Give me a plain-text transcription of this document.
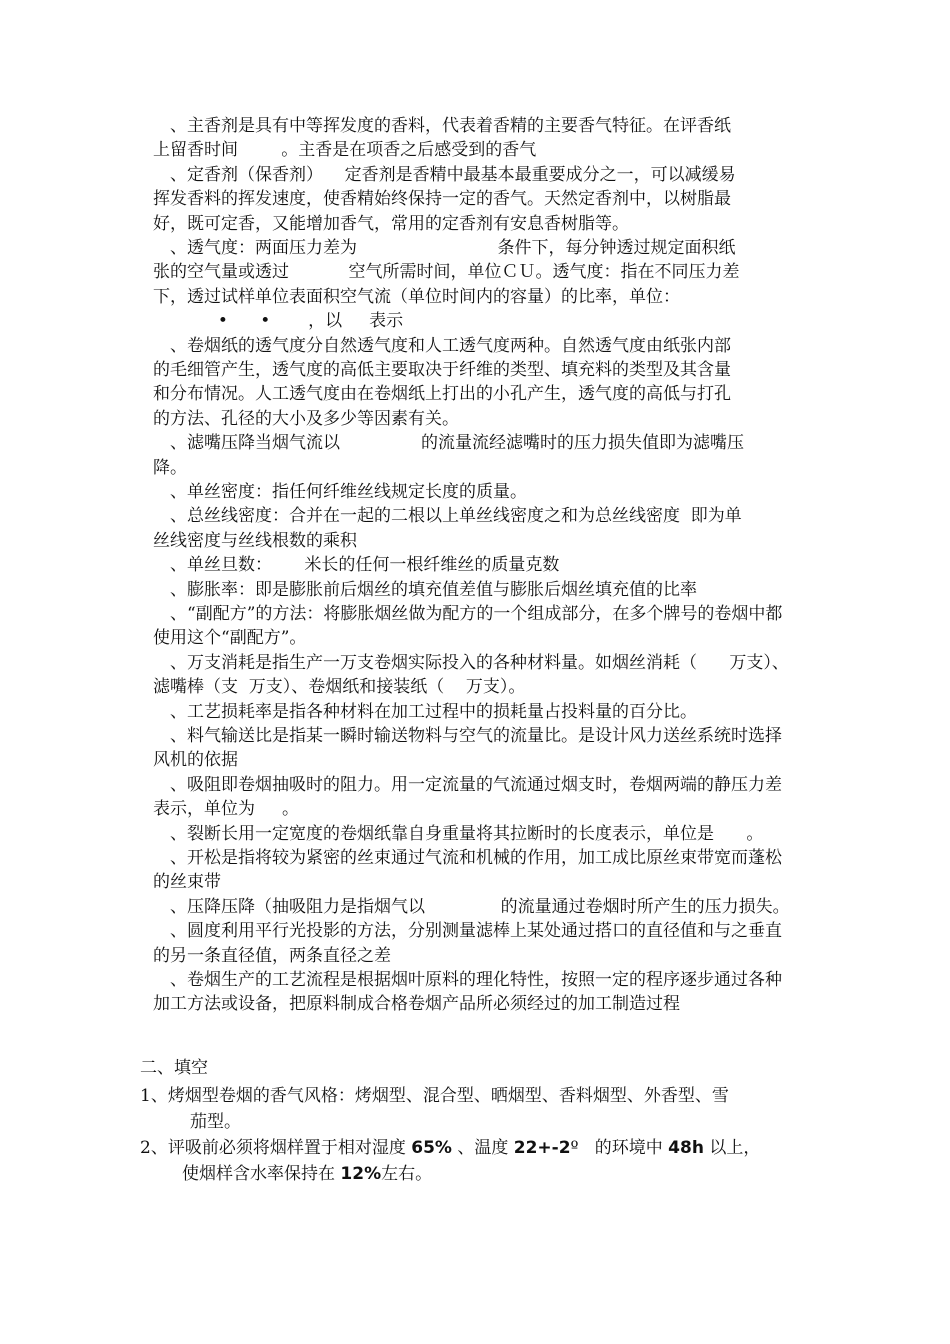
、主香剂是具有中等挥发度的香料，代表着香精的主要香气特征。在评香纸
上留香时间        。主香是在项香之后感受到的香气
、定香剂（保香剂）    定香剂是香精中最基本最重要成分之一，可以减缓易
挥发香料的挥发速度，使香精始终保持一定的香气。天然定香剂中，以树脂最
好，既可定香，又能增加香气，常用的定香剂有安息香树脂等。
、透气度：两面压力差为                          条件下，每分钟透过规定面积纸
张的空气量或透过           空气所需时间，单位ＣＵ。透气度：指在不同压力差
下，透过试样单位表面积空气流（单位时间内的容量）的比率，单位：
•      •       ，以     表示
、卷烟纸的透气度分自然透气度和人工透气度两种。自然透气度由纸张内部
的毛细管产生，透气度的高低主要取决于纤维的类型、填充料的类型及其含量
和分布情况。人工透气度由在卷烟纸上打出的小孔产生，透气度的高低与打孔
的方法、孔径的大小及多少等因素有关。
、滤嘴压降当烟气流以               的流量流经滤嘴时的压力损失值即为滤嘴压
降。
、单丝密度：指任何纤维丝线规定长度的质量。
、总丝线密度：合并在一起的二根以上单丝线密度之和为总丝线密度  即为单
丝线密度与丝线根数的乘积
、单丝旦数：      米长的任何一根纤维丝的质量克数
、膨胀率：即是膨胀前后烟丝的填充值差值与膨胀后烟丝填充值的比率
、“副配方”的方法：将膨胀烟丝做为配方的一个组成部分，在多个牌号的卷烟中都
使用这个“副配方”。
、万支消耗是指生产一万支卷烟实际投入的各种材料量。如烟丝消耗（      万支）、
滤嘴棒（支  万支）、卷烟纸和接装纸（    万支）。
、工艺损耗率是指各种材料在加工过程中的损耗量占投料量的百分比。
、料气输送比是指某一瞬时输送物料与空气的流量比。是设计风力送丝系统时选择
风机的依据
、吸阻即卷烟抽吸时的阻力。用一定流量的气流通过烟支时，卷烟两端的静压力差
表示，单位为     。
、裂断长用一定宽度的卷烟纸靠自身重量将其拉断时的长度表示，单位是      。
、开松是指将较为紧密的丝束通过气流和机械的作用，加工成比原丝束带宽而蓬松
的丝束带
、压降压降（抽吸阻力是指烟气以              的流量通过卷烟时所产生的压力损失。
、圆度利用平行光投影的方法，分别测量滤棒上某处通过搭口的直径值和与之垂直
的另一条直径值，两条直径之差
、卷烟生产的工艺流程是根据烟叶原料的理化特性，按照一定的程序逐步通过各种
加工方法或设备，把原料制成合格卷烟产品所必须经过的加工制造过程
二、填空
1、烤烟型卷烟的香气风格：烤烟型、混合型、晒烟型、香料烟型、外香型、雪
茄型。
2、评吸前必须将烟样置于相对湿度 65% 、温度 22+-2º   的环境中 48h 以上，
使烟样含水率保持在 12%左右。
